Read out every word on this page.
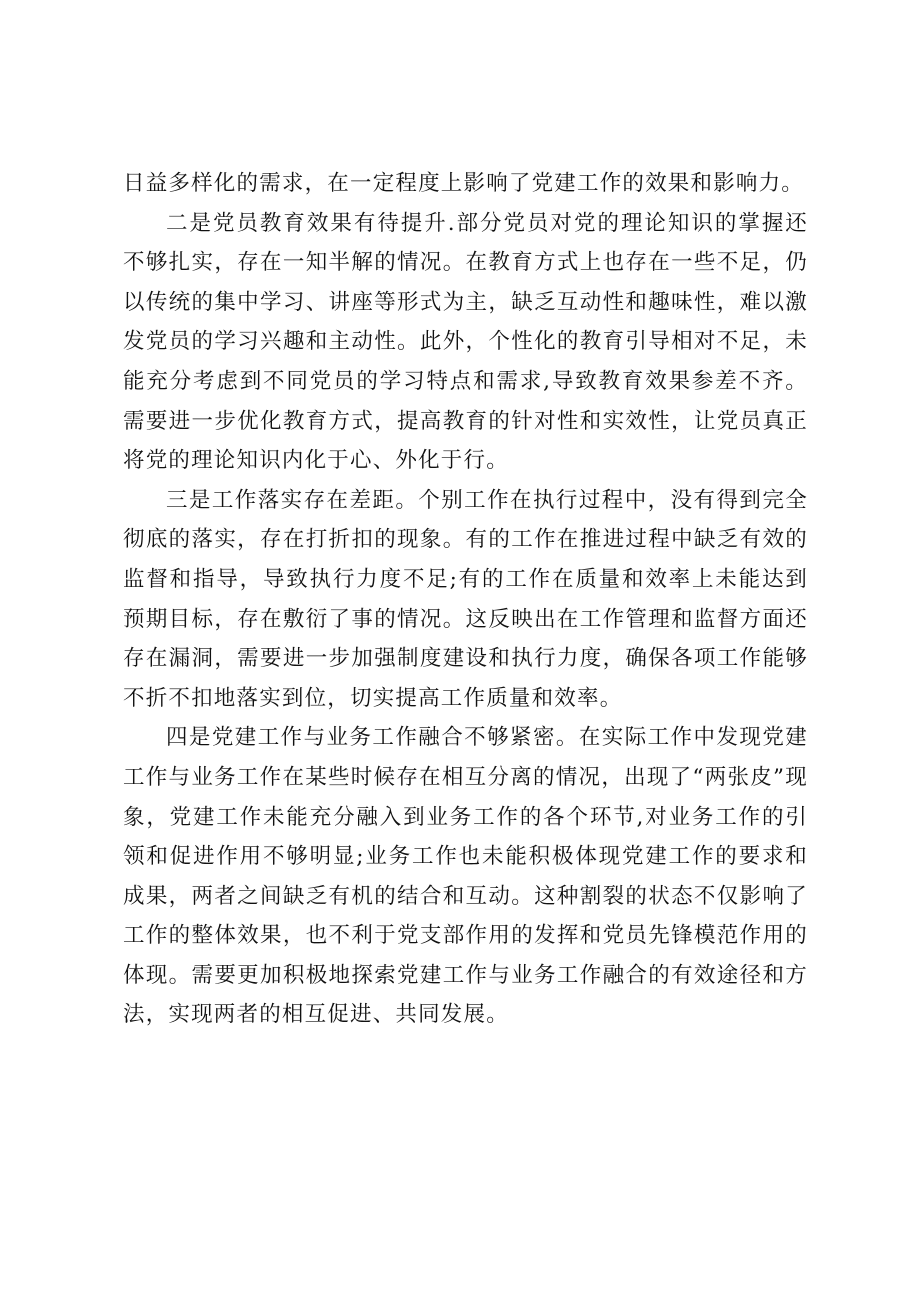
日益多样化的需求，在一定程度上影响了党建工作的效果和影响力。

二是党员教育效果有待提升.部分党员对党的理论知识的掌握还不够扎实，存在一知半解的情况。在教育方式上也存在一些不足，仍以传统的集中学习、讲座等形式为主，缺乏互动性和趣味性，难以激发党员的学习兴趣和主动性。此外，个性化的教育引导相对不足，未能充分考虑到不同党员的学习特点和需求,导致教育效果参差不齐。需要进一步优化教育方式，提高教育的针对性和实效性，让党员真正将党的理论知识内化于心、外化于行。

三是工作落实存在差距。个别工作在执行过程中，没有得到完全彻底的落实，存在打折扣的现象。有的工作在推进过程中缺乏有效的监督和指导，导致执行力度不足;有的工作在质量和效率上未能达到预期目标，存在敷衍了事的情况。这反映出在工作管理和监督方面还存在漏洞，需要进一步加强制度建设和执行力度，确保各项工作能够不折不扣地落实到位，切实提高工作质量和效率。

四是党建工作与业务工作融合不够紧密。在实际工作中发现党建工作与业务工作在某些时候存在相互分离的情况，出现了“两张皮”现象，党建工作未能充分融入到业务工作的各个环节,对业务工作的引领和促进作用不够明显;业务工作也未能积极体现党建工作的要求和成果，两者之间缺乏有机的结合和互动。这种割裂的状态不仅影响了工作的整体效果，也不利于党支部作用的发挥和党员先锋模范作用的体现。需要更加积极地探索党建工作与业务工作融合的有效途径和方法，实现两者的相互促进、共同发展。
